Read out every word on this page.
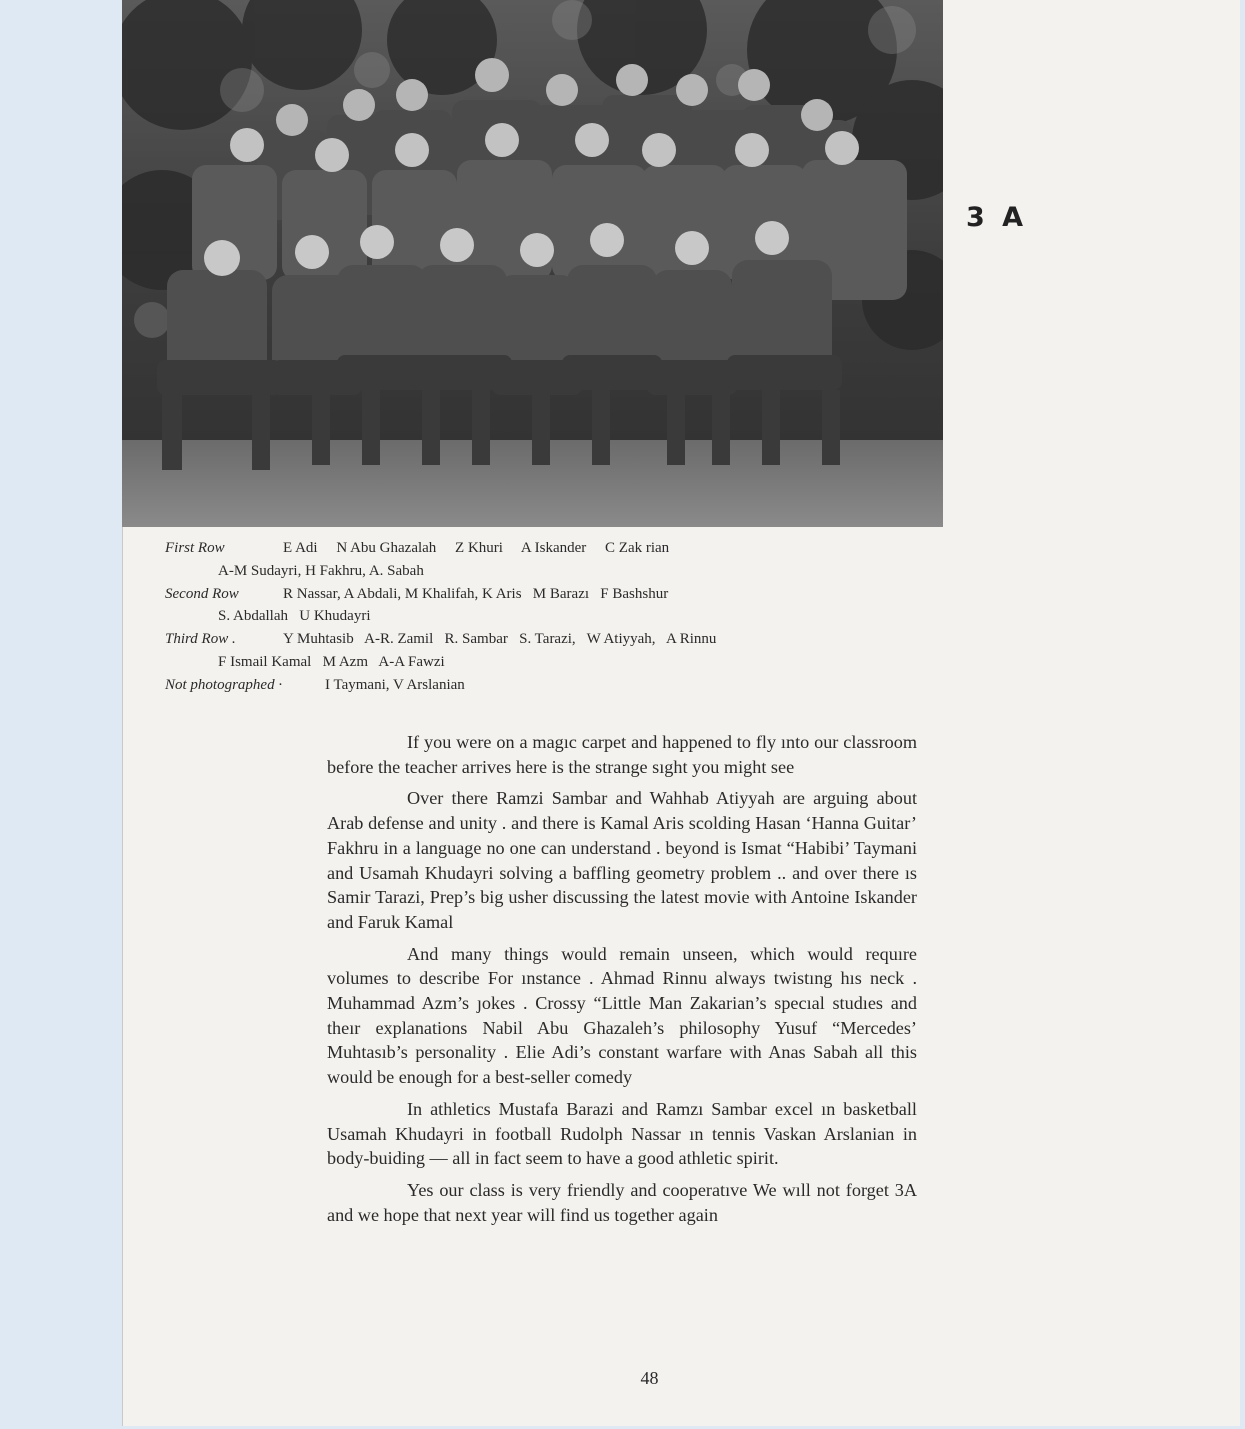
3 A
First Row	E Adi     N Abu Ghazalah     Z Khuri     A Iskander     C Zak rian
A-M Sudayri, H Fakhru, A. Sabah
Second Row	R Nassar, A Abdali, M Khalifah, K Aris   M Barazı   F Bashshur
S. Abdallah   U Khudayri
Third Row .	Y Muhtasib   A-R. Zamil   R. Sambar   S. Tarazi,   W Atiyyah,   A Rinnu
F Ismail Kamal   M Azm   A-A Fawzi
Not photographed ·	I Taymani, V Arslanian

If you were on a magıc carpet and happened to fly ınto our classroom before the teacher arrives here is the strange sıght you might see

Over there Ramzi Sambar and Wahhab Atiyyah are arguing about Arab defense and unity . and there is Kamal Aris scolding Hasan ‘Hanna Guitar’ Fakhru in a language no one can understand . beyond is Ismat “Habibi’ Taymani and Usamah Khudayri solving a baffling geometry problem .. and over there ıs Samir Tarazi, Prep’s big usher discussing the latest movie with Antoine Iskander and Faruk Kamal

And many things would remain unseen, which would requıre volumes to describe For ınstance . Ahmad Rinnu always twistıng hıs neck . Muhammad Azm’s ȷokes . Crossy “Little Man Zakarian’s specıal studıes and theır explanations Nabil Abu Ghazaleh’s philosophy Yusuf “Mercedes’ Muhtasıb’s personality . Elie Adi’s constant warfare with Anas Sabah all this would be enough for a best-seller comedy

In athletics Mustafa Barazi and Ramzı Sambar excel ın basketball Usamah Khudayri in football Rudolph Nassar ın tennis Vaskan Arslanian in body-buiding — all in fact seem to have a good athletic spirit.

Yes our class is very friendly and cooperatıve We wıll not forget 3A and we hope that next year will find us together again

48
